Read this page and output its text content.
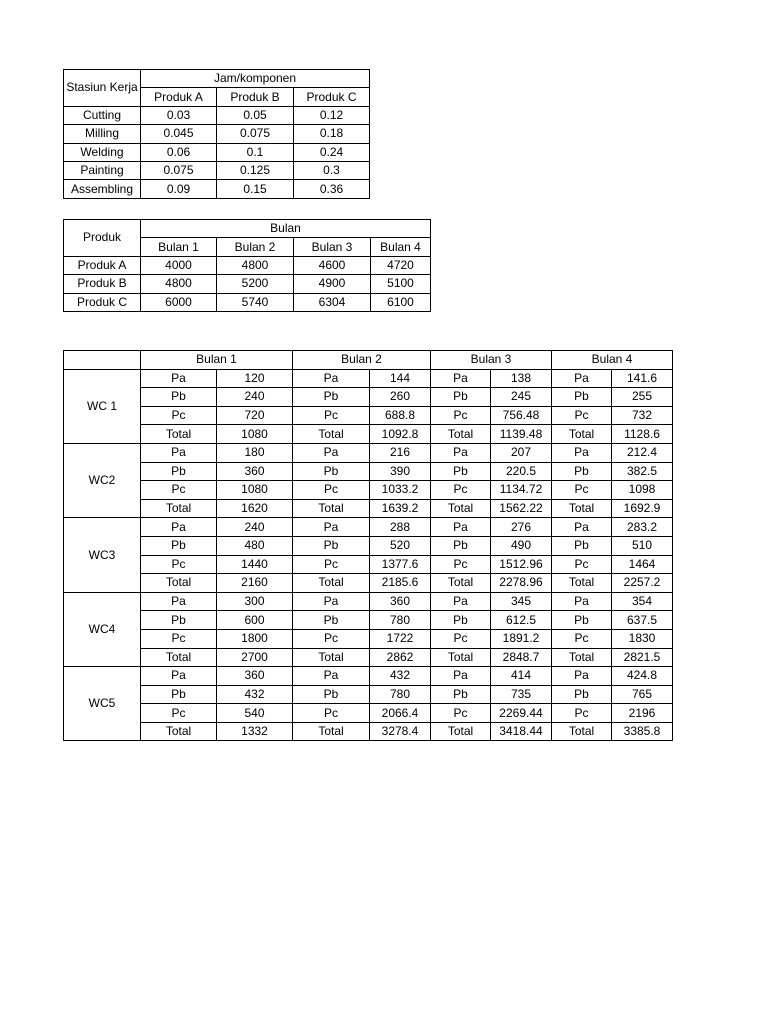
Stasiun Kerja	Jam/komponen		
	Produk A	Produk B	Produk C
Cutting	0.03	0.05	0.12
Milling	0.045	0.075	0.18
Welding	0.06	0.1	0.24
Painting	0.075	0.125	0.3
Assembling	0.09	0.15	0.36
Produk	Bulan			
	Bulan 1	Bulan 2	Bulan 3	Bulan 4
Produk A	4000	4800	4600	4720
Produk B	4800	5200	4900	5100
Produk C	6000	5740	6304	6100
	Bulan 1		Bulan 2		Bulan 3		Bulan 4	
WC 1	Pa	120	Pa	144	Pa	138	Pa	141.6
	Pb	240	Pb	260	Pb	245	Pb	255
	Pc	720	Pc	688.8	Pc	756.48	Pc	732
	Total	1080	Total	1092.8	Total	1139.48	Total	1128.6
WC2	Pa	180	Pa	216	Pa	207	Pa	212.4
	Pb	360	Pb	390	Pb	220.5	Pb	382.5
	Pc	1080	Pc	1033.2	Pc	1134.72	Pc	1098
	Total	1620	Total	1639.2	Total	1562.22	Total	1692.9
WC3	Pa	240	Pa	288	Pa	276	Pa	283.2
	Pb	480	Pb	520	Pb	490	Pb	510
	Pc	1440	Pc	1377.6	Pc	1512.96	Pc	1464
	Total	2160	Total	2185.6	Total	2278.96	Total	2257.2
WC4	Pa	300	Pa	360	Pa	345	Pa	354
	Pb	600	Pb	780	Pb	612.5	Pb	637.5
	Pc	1800	Pc	1722	Pc	1891.2	Pc	1830
	Total	2700	Total	2862	Total	2848.7	Total	2821.5
WC5	Pa	360	Pa	432	Pa	414	Pa	424.8
	Pb	432	Pb	780	Pb	735	Pb	765
	Pc	540	Pc	2066.4	Pc	2269.44	Pc	2196
	Total	1332	Total	3278.4	Total	3418.44	Total	3385.8
